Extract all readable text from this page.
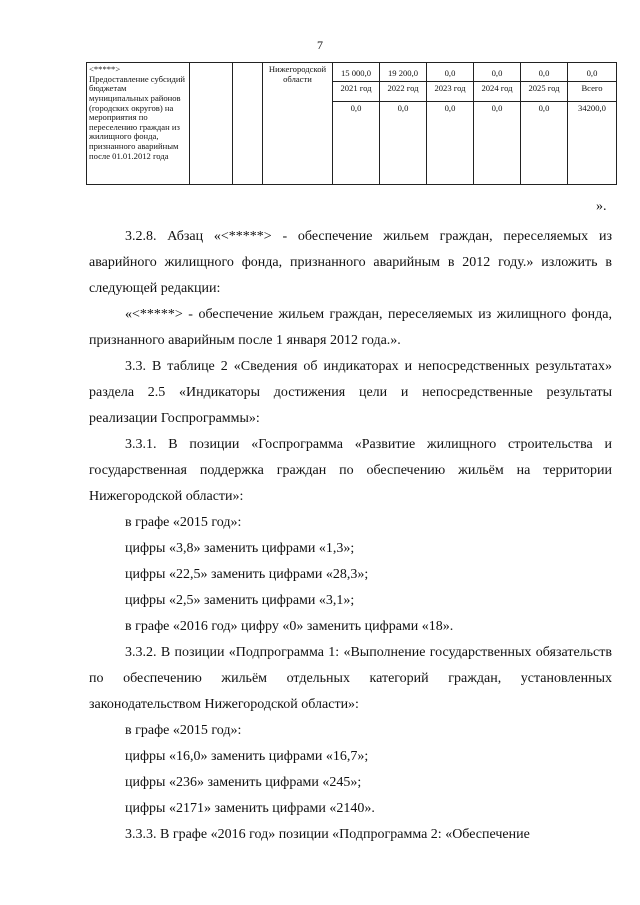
7
<*****>
Предоставление субсидий бюджетам муниципальных районов (городских округов) на мероприятия по переселению граждан из жилищного фонда, признанного аварийным после 01.01.2012 года			Нижегородской области	15 000,0	19 200,0	0,0	0,0	0,0	0,0
				2021 год	2022 год	2023 год	2024 год	2025 год	Всего
				0,0	0,0	0,0	0,0	0,0	34200,0
».

3.2.8. Абзац «<*****> - обеспечение жильем граждан, переселяемых из аварийного жилищного фонда, признанного аварийным в 2012 году.» изложить в следующей редакции:

«<*****> - обеспечение жильем граждан, переселяемых из жилищного фонда, признанного аварийным после 1 января 2012 года.».

3.3. В таблице 2 «Сведения об индикаторах и непосредственных результатах» раздела 2.5 «Индикаторы достижения цели и непосредственные результаты реализации Госпрограммы»:

3.3.1. В позиции «Госпрограмма «Развитие жилищного строительства и государственная поддержка граждан по обеспечению жильём на территории Нижегородской области»:

в графе «2015 год»:

цифры «3,8» заменить цифрами «1,3»;

цифры «22,5» заменить цифрами «28,3»;

цифры «2,5» заменить цифрами «3,1»;

в графе «2016 год» цифру «0» заменить цифрами «18».

3.3.2. В позиции «Подпрограмма 1: «Выполнение государственных обязательств по обеспечению жильём отдельных категорий граждан, установленных законодательством Нижегородской области»:

в графе «2015 год»:

цифры «16,0» заменить цифрами «16,7»;

цифры «236» заменить цифрами «245»;

цифры «2171» заменить цифрами «2140».

3.3.3. В графе «2016 год» позиции «Подпрограмма 2: «Обеспечение
